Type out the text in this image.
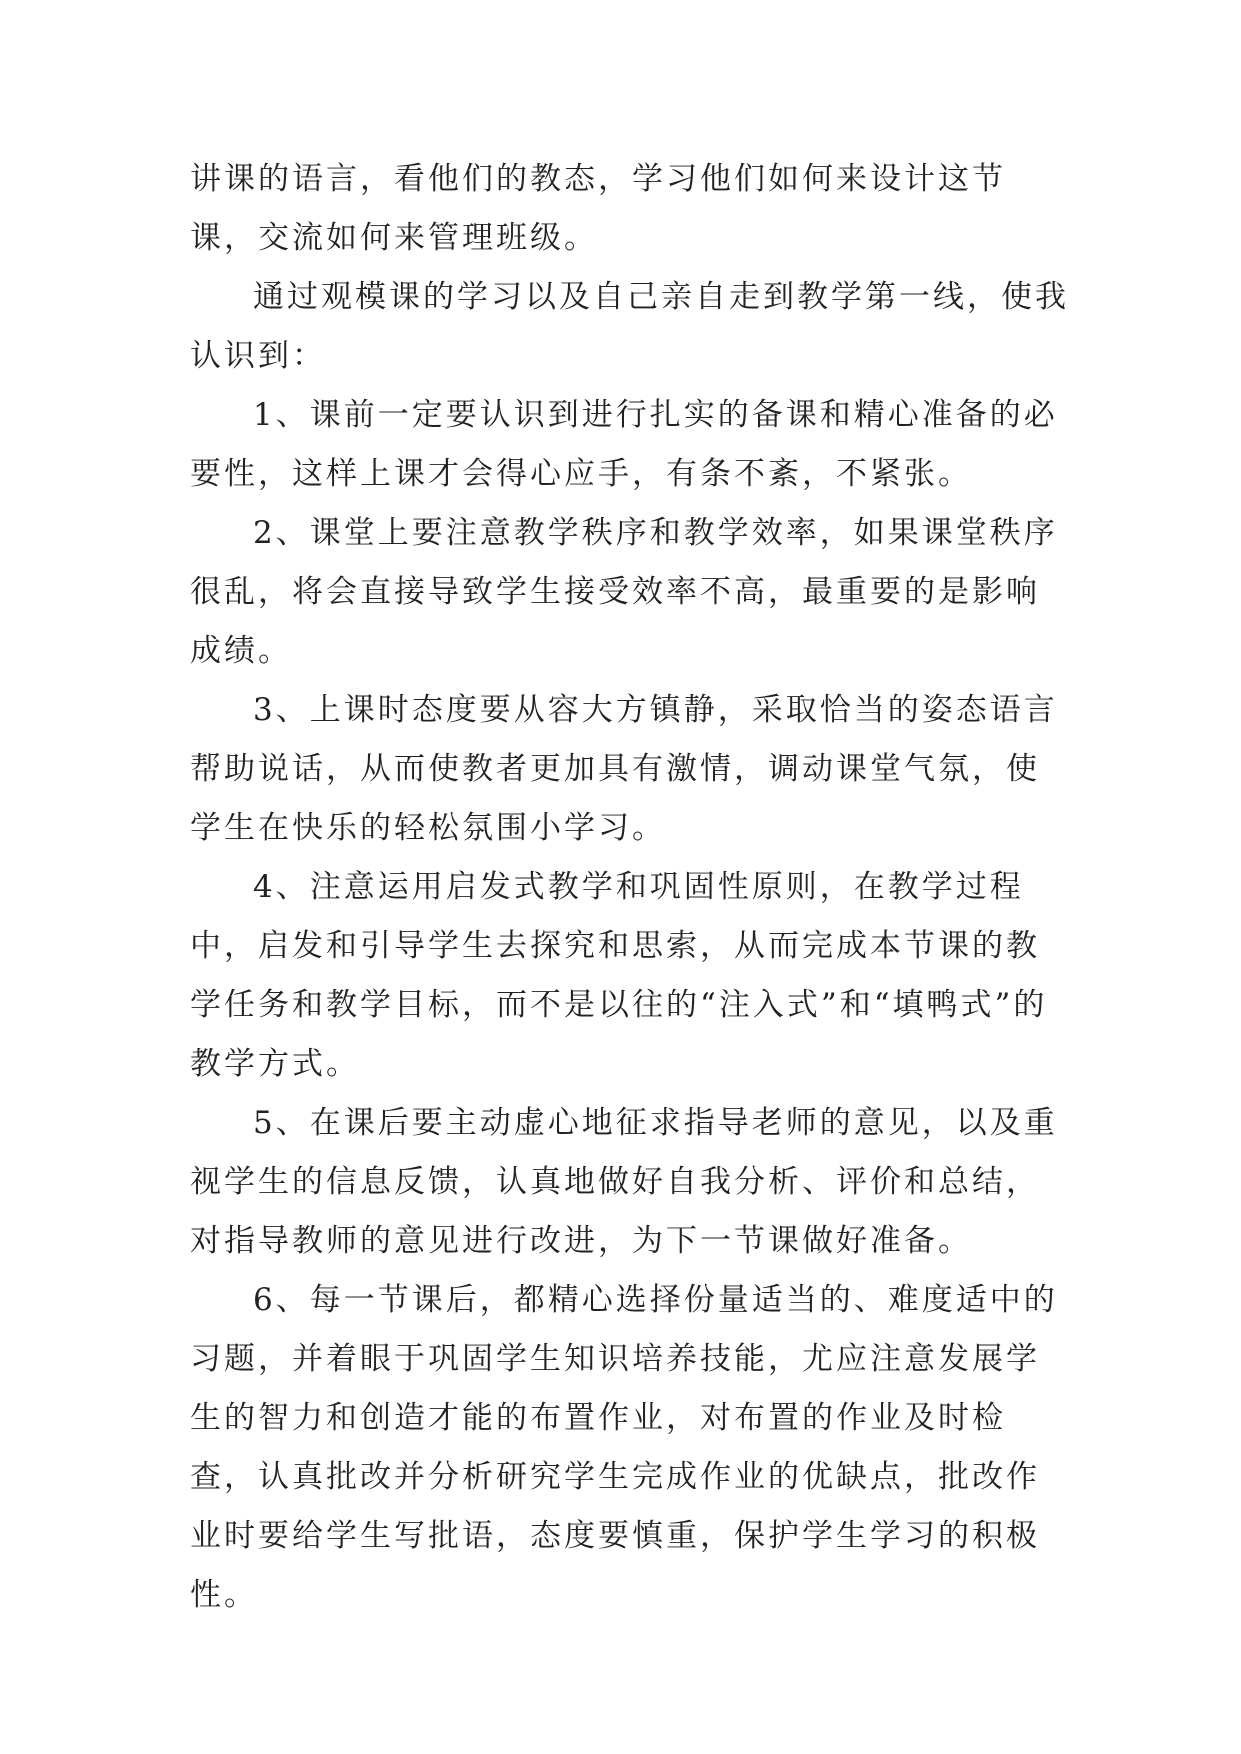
讲课的语言，看他们的教态，学习他们如何来设计这节课，交流如何来管理班级。

通过观模课的学习以及自己亲自走到教学第一线，使我认识到：

1、课前一定要认识到进行扎实的备课和精心准备的必要性，这样上课才会得心应手，有条不紊，不紧张。

2、课堂上要注意教学秩序和教学效率，如果课堂秩序很乱，将会直接导致学生接受效率不高，最重要的是影响成绩。

3、上课时态度要从容大方镇静，采取恰当的姿态语言帮助说话，从而使教者更加具有激情，调动课堂气氛，使学生在快乐的轻松氛围小学习。

4、注意运用启发式教学和巩固性原则，在教学过程中，启发和引导学生去探究和思索，从而完成本节课的教学任务和教学目标，而不是以往的“注入式”和“填鸭式”的教学方式。

5、在课后要主动虚心地征求指导老师的意见，以及重视学生的信息反馈，认真地做好自我分析、评价和总结，对指导教师的意见进行改进，为下一节课做好准备。

6、每一节课后，都精心选择份量适当的、难度适中的习题，并着眼于巩固学生知识培养技能，尤应注意发展学生的智力和创造才能的布置作业，对布置的作业及时检查，认真批改并分析研究学生完成作业的优缺点，批改作业时要给学生写批语，态度要慎重，保护学生学习的积极性。
